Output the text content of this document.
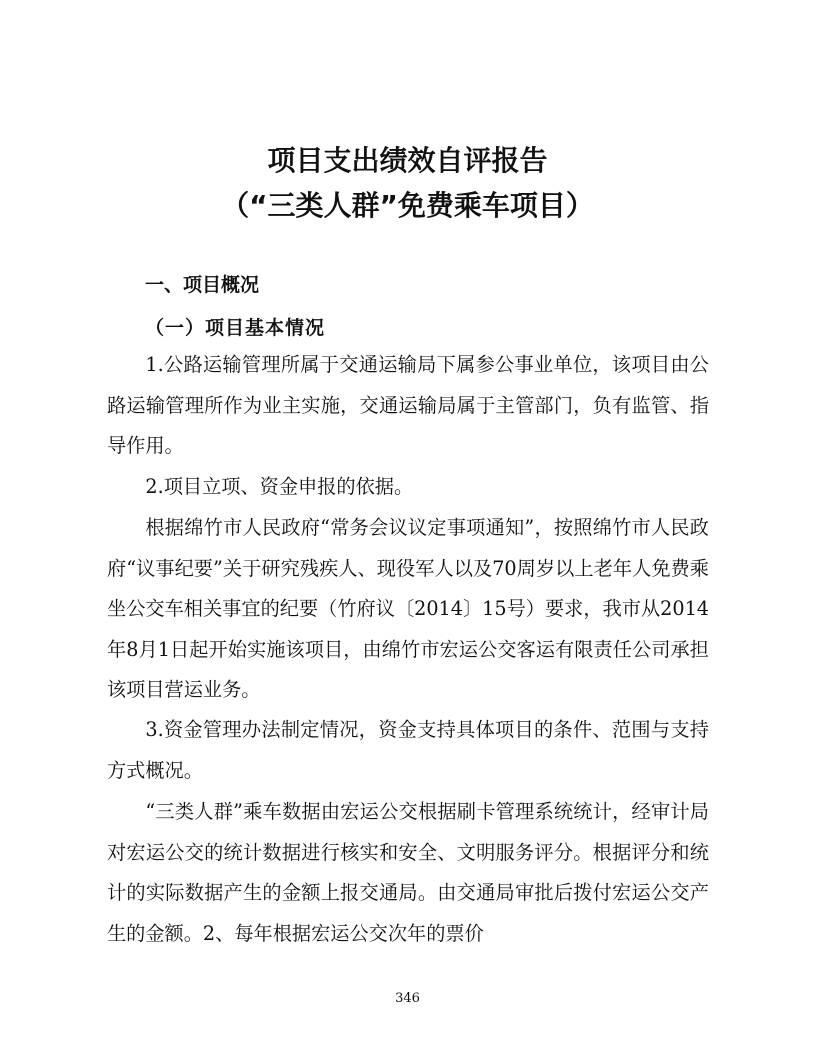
项目支出绩效自评报告
（“三类人群”免费乘车项目）
一、项目概况
（一）项目基本情况

1.公路运输管理所属于交通运输局下属参公事业单位，该项目由公路运输管理所作为业主实施，交通运输局属于主管部门，负有监管、指导作用。

2.项目立项、资金申报的依据。

根据绵竹市人民政府“常务会议议定事项通知”，按照绵竹市人民政府“议事纪要”关于研究残疾人、现役军人以及70周岁以上老年人免费乘坐公交车相关事宜的纪要（竹府议〔2014〕15号）要求，我市从2014年8月1日起开始实施该项目，由绵竹市宏运公交客运有限责任公司承担该项目营运业务。

3.资金管理办法制定情况，资金支持具体项目的条件、范围与支持方式概况。

“三类人群”乘车数据由宏运公交根据刷卡管理系统统计，经审计局对宏运公交的统计数据进行核实和安全、文明服务评分。根据评分和统计的实际数据产生的金额上报交通局。由交通局审批后拨付宏运公交产生的金额。2、每年根据宏运公交次年的票价

346
